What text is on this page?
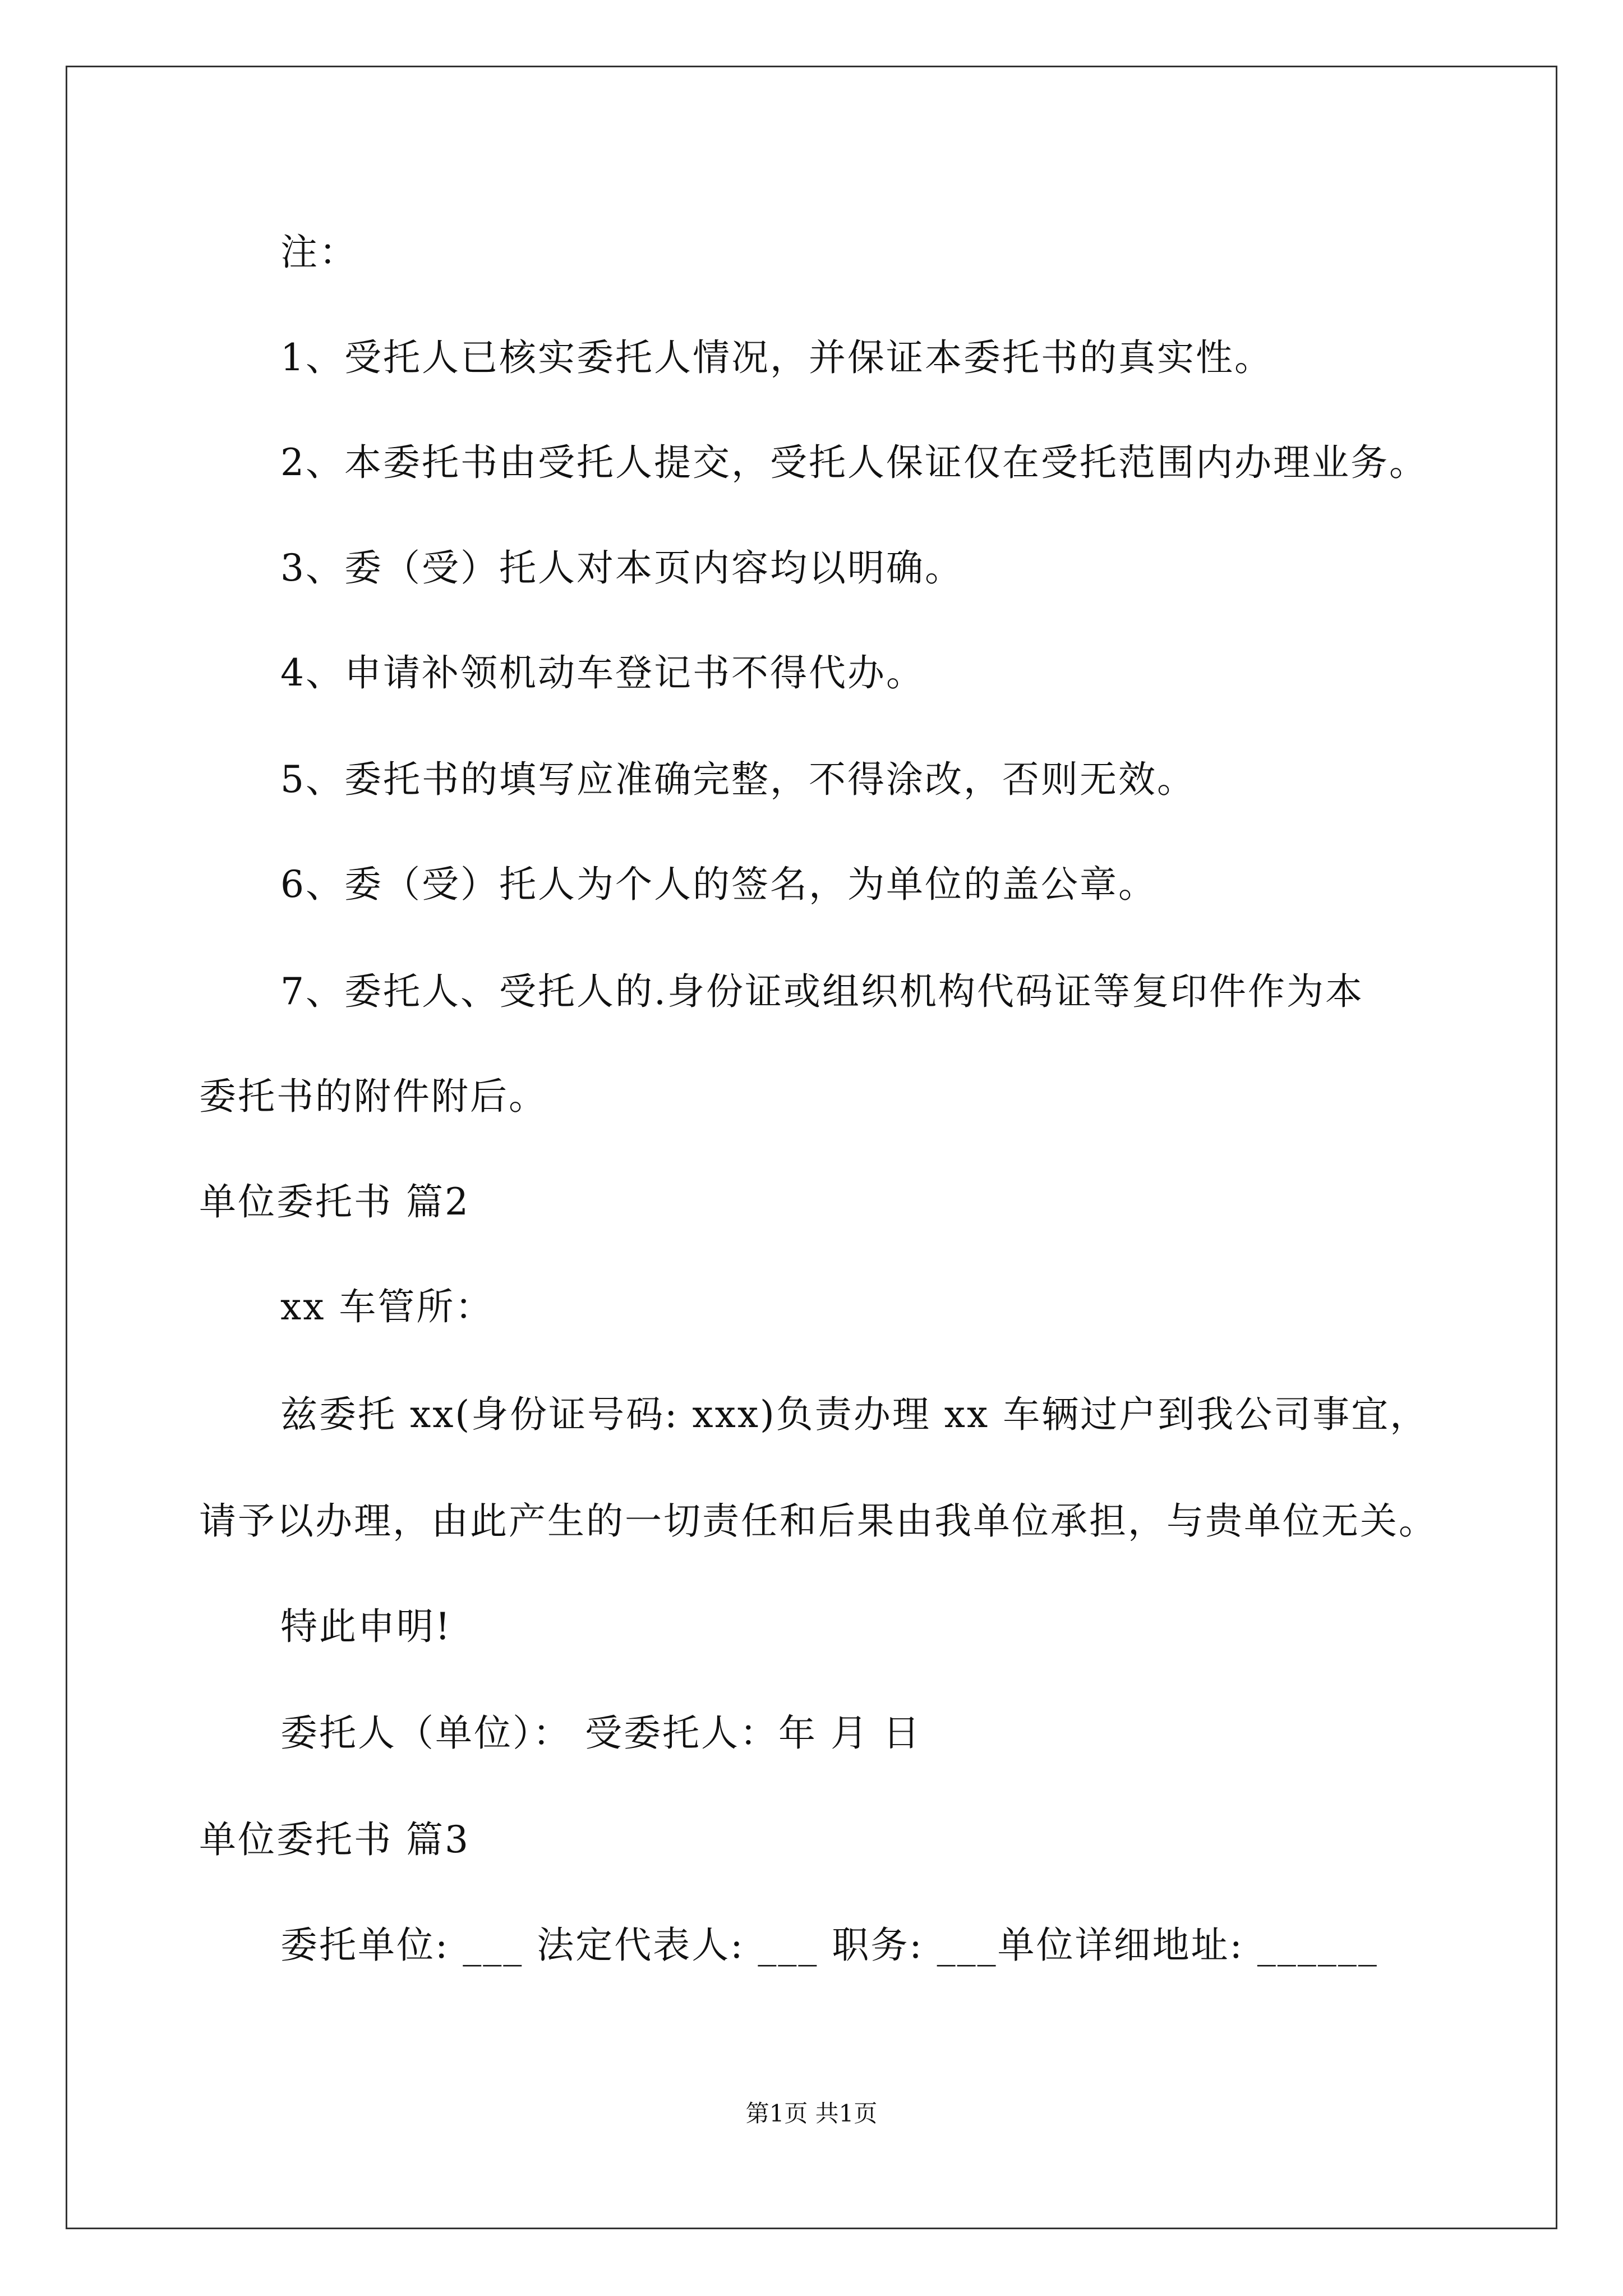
注：
1、受托人已核实委托人情况，并保证本委托书的真实性。
2、本委托书由受托人提交，受托人保证仅在受托范围内办理业务。
3、委（受）托人对本页内容均以明确。
4、申请补领机动车登记书不得代办。
5、委托书的填写应准确完整，不得涂改，否则无效。
6、委（受）托人为个人的签名，为单位的盖公章。
7、委托人、受托人的.身份证或组织机构代码证等复印件作为本
委托书的附件附后。
单位委托书 篇2
xx 车管所：
兹委托 xx(身份证号码: xxx)负责办理 xx 车辆过户到我公司事宜，
请予以办理，由此产生的一切责任和后果由我单位承担，与贵单位无关。
特此申明!
委托人（单位）： 受委托人：年 月 日
单位委托书 篇3
委托单位: ___ 法定代表人: ___ 职务: ___单位详细地址: ______
第1页 共1页
